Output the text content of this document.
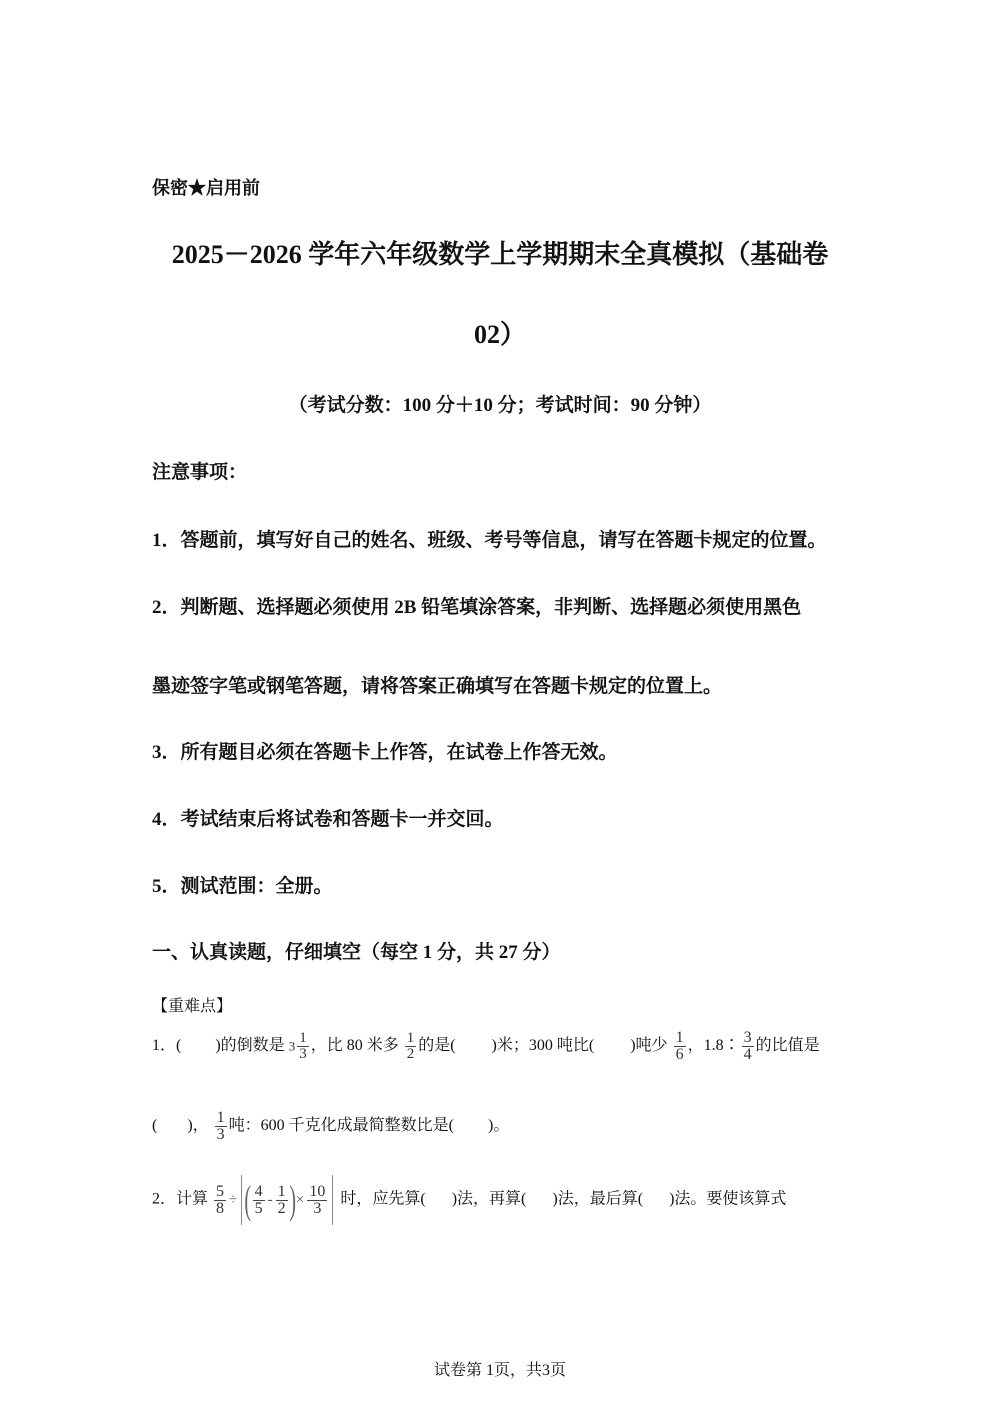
保密★启用前
2025－2026 学年六年级数学上学期期末全真模拟（基础卷
02）
（考试分数：100 分＋10 分；考试时间：90 分钟）
注意事项：
1．答题前，填写好自己的姓名、班级、考号等信息，请写在答题卡规定的位置。
2．判断题、选择题必须使用 2B 铅笔填涂答案，非判断、选择题必须使用黑色
墨迹签字笔或钢笔答题，请将答案正确填写在答题卡规定的位置上。
3．所有题目必须在答题卡上作答，在试卷上作答无效。
4．考试结束后将试卷和答题卡一并交回。
5．测试范围：全册。
一、认真读题，仔细填空（每空 1 分，共 27 分）
【重难点】
1．( )的倒数是 $3 \frac{1}{3}$ ，比 80 米多 $\frac{1}{2}$ 的是( )米；300 吨比( )吨少 $\frac{1}{6}$ ，1.8∶ $\frac{3}{4}$ 的比值是
( )， $\frac{1}{3}$ 吨：600 千克化成最简整数比是( )。
2．计算 $\frac{5}{8}$ ÷ ( $\frac{4}{5} - \frac{1}{2}$ )× $\frac{10}{3}$ 时，应先算( )法，再算( )法，最后算( )法。要使该算式
试卷第 1页，共3页
